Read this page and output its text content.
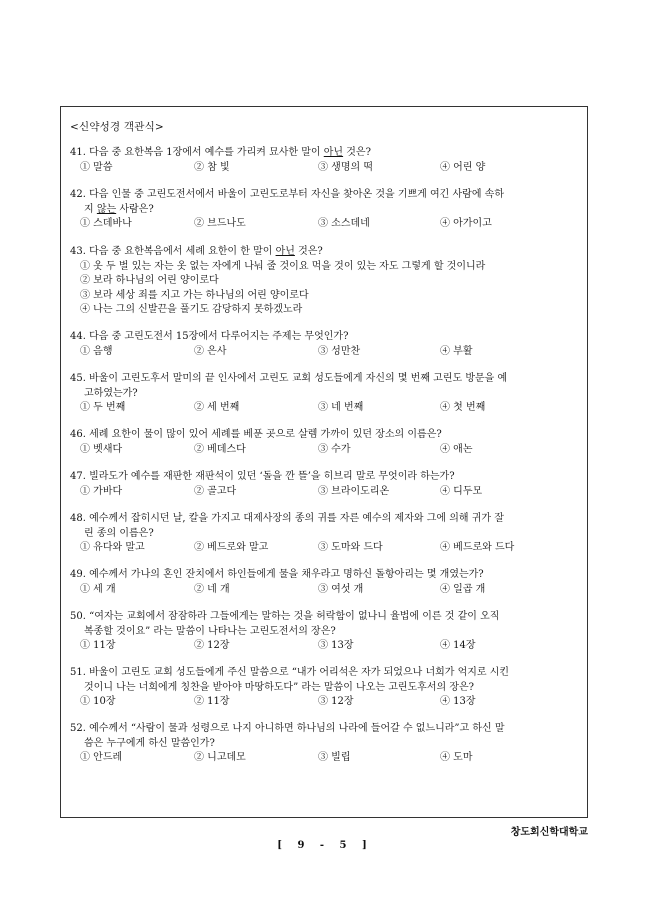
<신약성경 객관식>
41. 다음 중 요한복음 1장에서 예수를 가리켜 묘사한 말이 아닌 것은?
① 말씀	② 참 빛	③ 생명의 떡	④ 어린 양
42. 다음 인물 중 고린도전서에서 바울이 고린도로부터 자신을 찾아온 것을 기쁘게 여긴 사람에 속하
지 않는 사람은?
① 스데바나	② 브드나도	③ 소스데네	④ 아가이고
43. 다음 중 요한복음에서 세례 요한이 한 말이 아닌 것은?
① 옷 두 벌 있는 자는 옷 없는 자에게 나눠 줄 것이요 먹을 것이 있는 자도 그렇게 할 것이니라
② 보라 하나님의 어린 양이로다
③ 보라 세상 죄를 지고 가는 하나님의 어린 양이로다
④ 나는 그의 신발끈을 풀기도 감당하지 못하겠노라
44. 다음 중 고린도전서 15장에서 다루어지는 주제는 무엇인가?
① 음행	② 은사	③ 성만찬	④ 부활
45. 바울이 고린도후서 말미의 끝 인사에서 고린도 교회 성도들에게 자신의 몇 번째 고린도 방문을 예
고하였는가?
① 두 번째	② 세 번째	③ 네 번째	④ 첫 번째
46. 세례 요한이 물이 많이 있어 세례를 베푼 곳으로 살렘 가까이 있던 장소의 이름은?
① 벳새다	② 베데스다	③ 수가	④ 애논
47. 빌라도가 예수를 재판한 재판석이 있던 ‘돌을 깐 뜰’을 히브리 말로 무엇이라 하는가?
① 가바다	② 골고다	③ 브라이도리온	④ 디두모
48. 예수께서 잡히시던 날, 칼을 가지고 대제사장의 종의 귀를 자른 예수의 제자와 그에 의해 귀가 잘
린 종의 이름은?
① 유다와 말고	② 베드로와 말고	③ 도마와 드다	④ 베드로와 드다
49. 예수께서 가나의 혼인 잔치에서 하인들에게 물을 채우라고 명하신 돌항아리는 몇 개였는가?
① 세 개	② 네 개	③ 여섯 개	④ 일곱 개
50. “여자는 교회에서 잠잠하라 그들에게는 말하는 것을 허락함이 없나니 율법에 이른 것 같이 오직
복종할 것이요” 라는 말씀이 나타나는 고린도전서의 장은?
① 11장	② 12장	③ 13장	④ 14장
51. 바울이 고린도 교회 성도들에게 주신 말씀으로 “내가 어리석은 자가 되었으나 너희가 억지로 시킨
것이니 나는 너희에게 칭찬을 받아야 마땅하도다” 라는 말씀이 나오는 고린도후서의 장은?
① 10장	② 11장	③ 12장	④ 13장
52. 예수께서 “사람이 물과 성령으로 나지 아니하면 하나님의 나라에 들어갈 수 없느니라”고 하신 말
씀은 누구에게 하신 말씀인가?
① 안드레	② 니고데모	③ 빌립	④ 도마
창도회신학대학교
[ 9 - 5 ]
